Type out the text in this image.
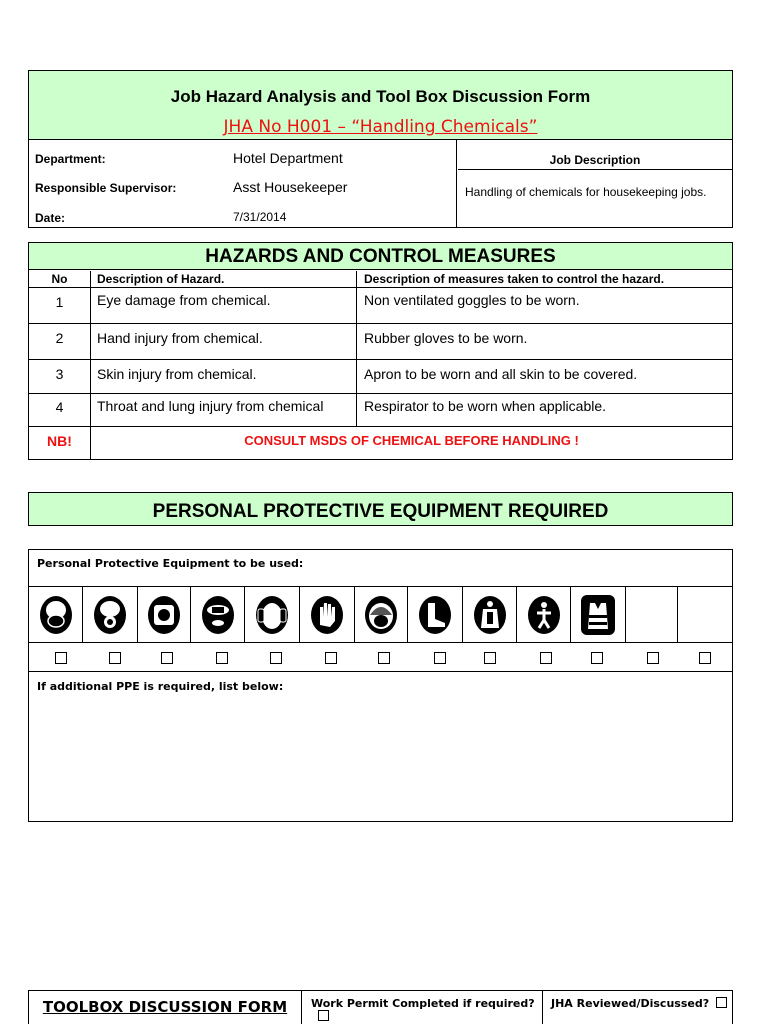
Job Hazard Analysis and Tool Box Discussion Form
JHA No H001 – “Handling Chemicals”
Department:	Hotel Department
Responsible Supervisor:	Asst Housekeeper
Date:	7/31/2014
Job Description
Handling of chemicals for housekeeping jobs.
HAZARDS AND CONTROL MEASURES
No	Description of Hazard.	Description of measures taken to control the hazard.
1	Eye damage from chemical.	Non ventilated goggles to be worn.
2	Hand injury from chemical.	Rubber gloves to be worn.
3	Skin injury from chemical.	Apron to be worn and all skin to be covered.
4	Throat and lung injury from chemical	Respirator to be worn when applicable.
NB!	CONSULT MSDS OF CHEMICAL BEFORE HANDLING !
PERSONAL PROTECTIVE EQUIPMENT REQUIRED
Personal Protective Equipment to be used:
If additional PPE is required, list below:
TOOLBOX DISCUSSION FORM	Work Permit Completed if required?	JHA Reviewed/Discussed?
